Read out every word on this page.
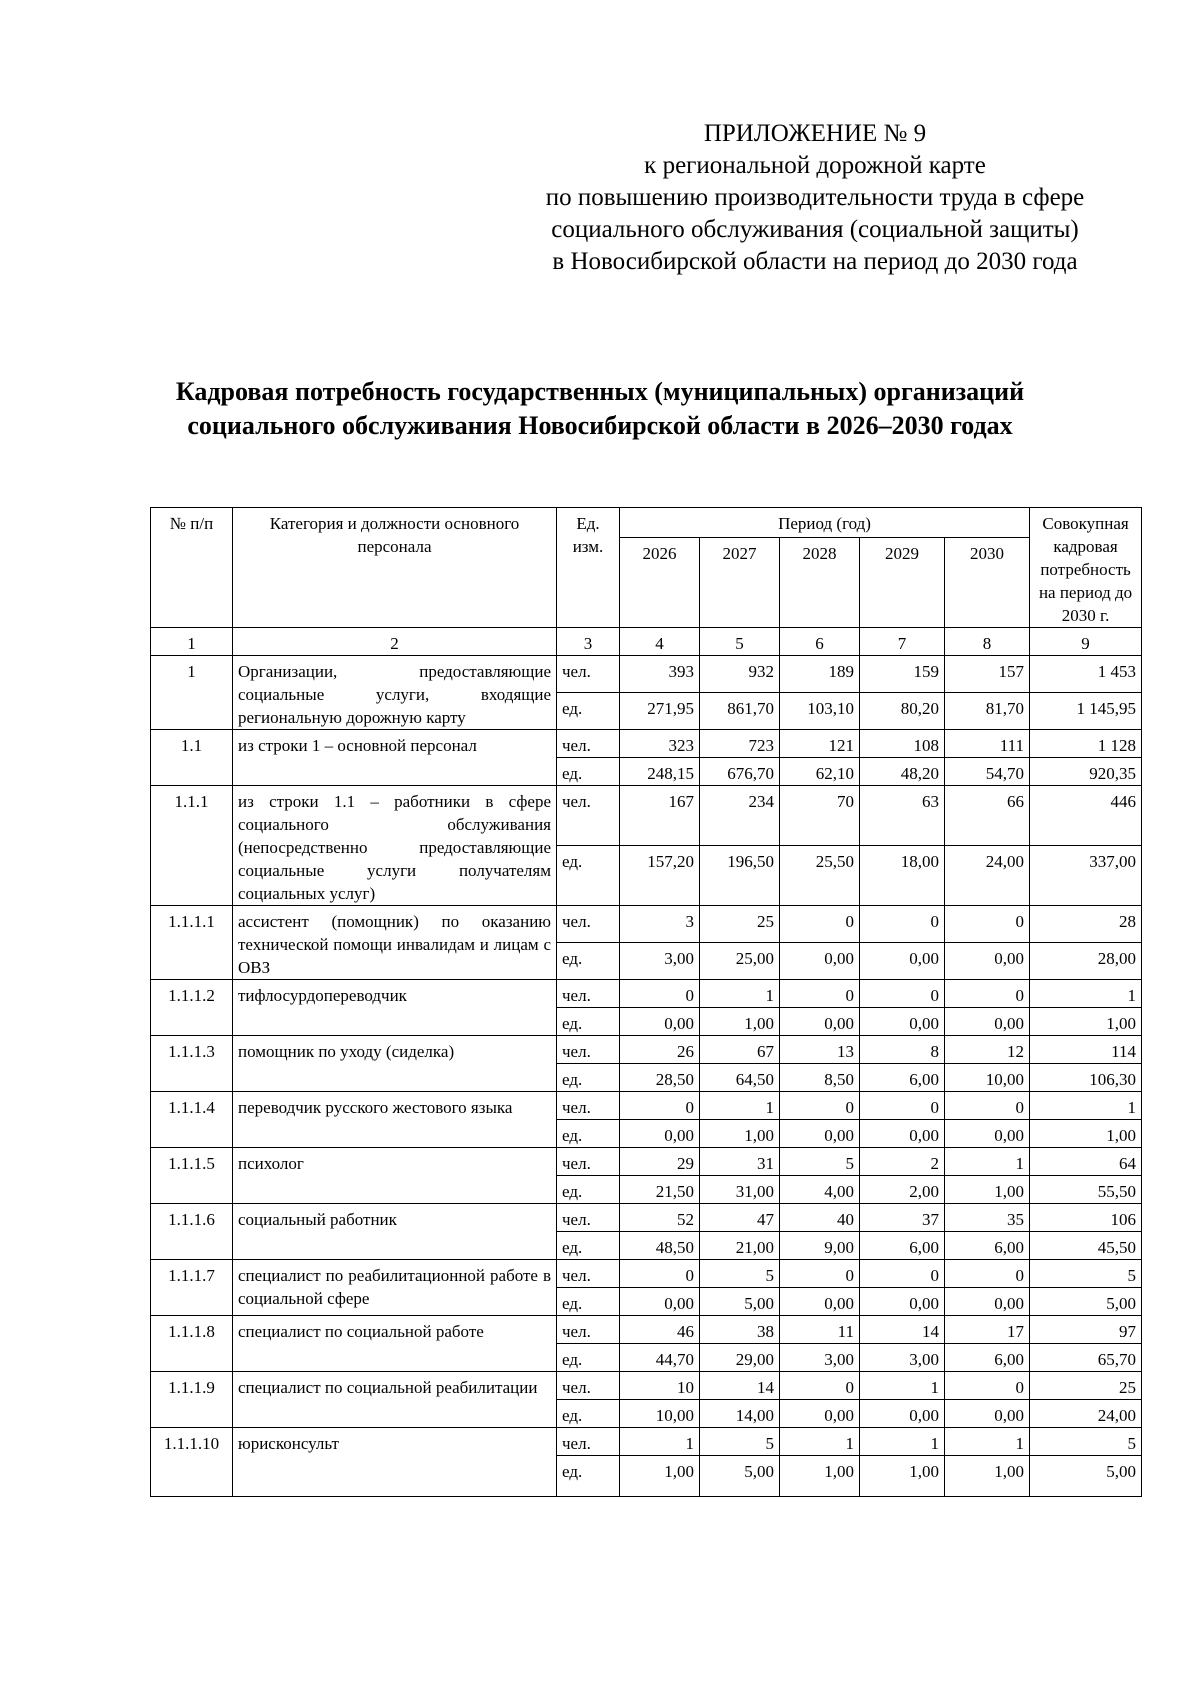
ПРИЛОЖЕНИЕ № 9
к региональной дорожной карте
по повышению производительности труда в сфере
социального обслуживания (социальной защиты)
в Новосибирской области на период до 2030 года
Кадровая потребность государственных (муниципальных) организаций
социального обслуживания Новосибирской области в 2026–2030 годах
№ п/п	Категория и должности основного персонала	Ед. изм.	Период (год)					Совокупная кадровая потребность на период до 2030 г.
			2026	2027	2028	2029	2030	
1	2	3	4	5	6	7	8	9
1	Организации, предоставляющие социальные услуги, входящие региональную дорожную карту	чел.	393	932	189	159	157	1 453
		ед.	271,95	861,70	103,10	80,20	81,70	1 145,95
1.1	из строки 1 – основной персонал	чел.	323	723	121	108	111	1 128
		ед.	248,15	676,70	62,10	48,20	54,70	920,35
1.1.1	из строки 1.1 – работники в сфере социального обслуживания (непосредственно предоставляющие социальные услуги получателям социальных услуг)	чел.	167	234	70	63	66	446
		ед.	157,20	196,50	25,50	18,00	24,00	337,00
1.1.1.1	ассистент (помощник) по оказанию технической помощи инвалидам и лицам с ОВЗ	чел.	3	25	0	0	0	28
		ед.	3,00	25,00	0,00	0,00	0,00	28,00
1.1.1.2	тифлосурдопереводчик	чел.	0	1	0	0	0	1
		ед.	0,00	1,00	0,00	0,00	0,00	1,00
1.1.1.3	помощник по уходу (сиделка)	чел.	26	67	13	8	12	114
		ед.	28,50	64,50	8,50	6,00	10,00	106,30
1.1.1.4	переводчик русского жестового языка	чел.	0	1	0	0	0	1
		ед.	0,00	1,00	0,00	0,00	0,00	1,00
1.1.1.5	психолог	чел.	29	31	5	2	1	64
		ед.	21,50	31,00	4,00	2,00	1,00	55,50
1.1.1.6	социальный работник	чел.	52	47	40	37	35	106
		ед.	48,50	21,00	9,00	6,00	6,00	45,50
1.1.1.7	специалист по реабилитационной работе в социальной сфере	чел.	0	5	0	0	0	5
		ед.	0,00	5,00	0,00	0,00	0,00	5,00
1.1.1.8	специалист по социальной работе	чел.	46	38	11	14	17	97
		ед.	44,70	29,00	3,00	3,00	6,00	65,70
1.1.1.9	специалист по социальной реабилитации	чел.	10	14	0	1	0	25
		ед.	10,00	14,00	0,00	0,00	0,00	24,00
1.1.1.10	юрисконсульт	чел.	1	5	1	1	1	5
		ед.	1,00	5,00	1,00	1,00	1,00	5,00
